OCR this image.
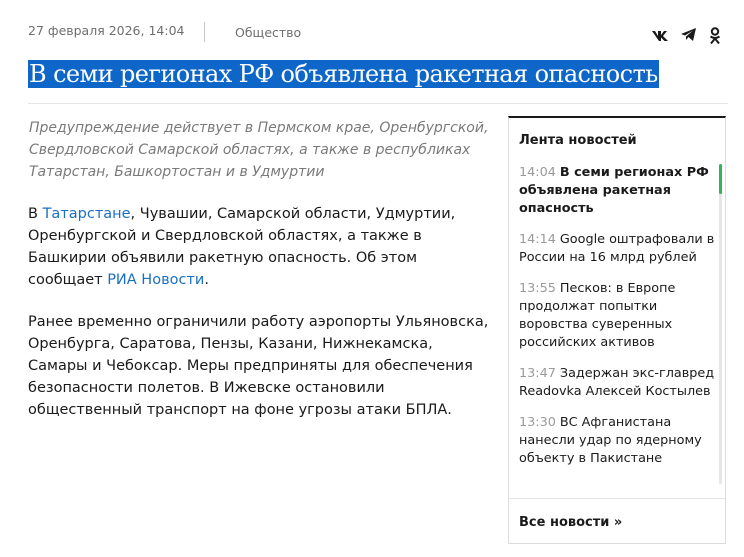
27 февраля 2026, 14:04	Общество
В семи регионах РФ объявлена ракетная опасность
Предупреждение действует в Пермском крае, Оренбургской, Свердловской Самарской областях, а также в республиках Татарстан, Башкортостан и в Удмуртии

В Татарстане, Чувашии, Самарской области, Удмуртии, Оренбургской и Свердловской областях, а также в Башкирии объявили ракетную опасность. Об этом сообщает РИА Новости.

Ранее временно ограничили работу аэропорты Ульяновска, Оренбурга, Саратова, Пензы, Казани, Нижнекамска, Самары и Чебоксар. Меры предприняты для обеспечения безопасности полетов. В Ижевске остановили общественный транспорт на фоне угрозы атаки БПЛА.

Лента новостей
14:04 В семи регионах РФ объявлена ракетная опасность
14:14 Google оштрафовали в России на 16 млрд рублей
13:55 Песков: в Европе продолжат попытки воровства суверенных российских активов
13:47 Задержан экс-главред Readovka Алексей Костылев
13:30 ВС Афганистана нанесли удар по ядерному объекту в Пакистане
Все новости »
